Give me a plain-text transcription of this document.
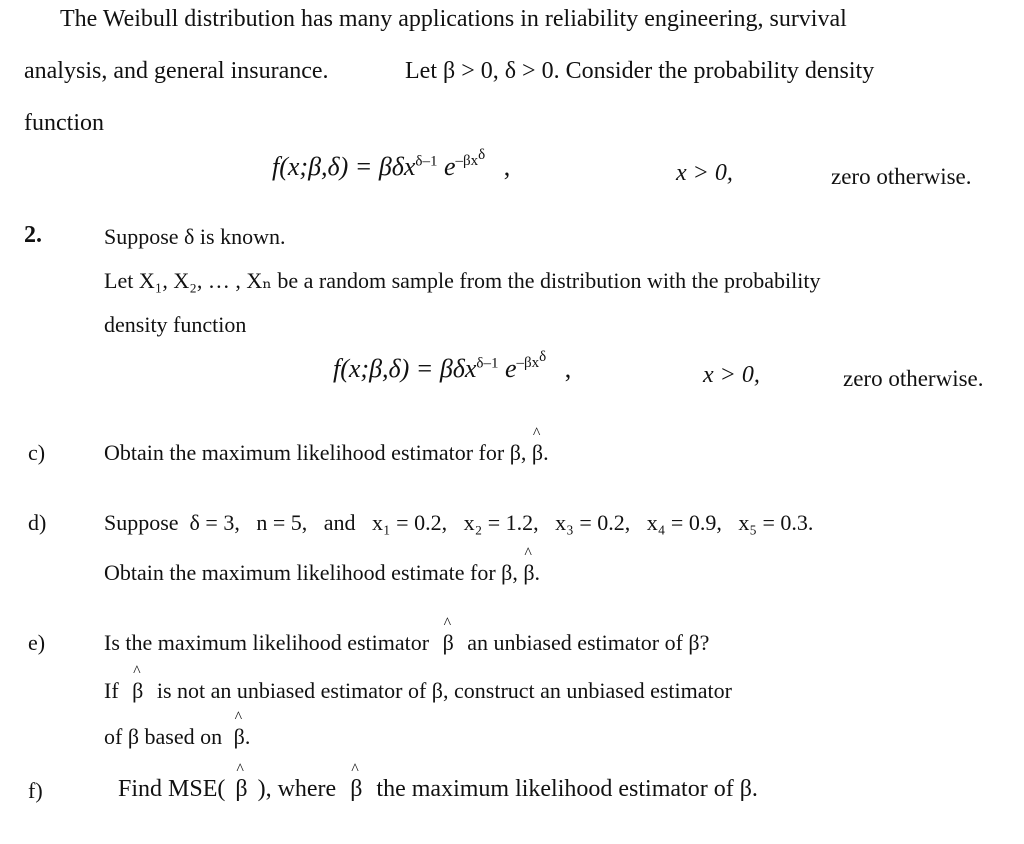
The Weibull distribution has many applications in reliability engineering, survival
analysis, and general insurance.	Let β > 0, δ > 0. Consider the probability density
function
f(x;β,δ) = βδx$^{\delta-1}$ $e^{-\beta x^\delta}$ ,	x > 0,	zero otherwise.
2.	Suppose δ is known.
Let X₁, X₂, … , Xₙ be a random sample from the distribution with the probability
density function
f(x;β,δ) = βδx$^{\delta-1}$ $e^{-\beta x^\delta}$ ,	x > 0,	zero otherwise.
c)	Obtain the maximum likelihood estimator for β, ^ β.
d)	Suppose  δ = 3,   n = 5,   and   x₁ = 0.2,   x₂ = 1.2,   x₃ = 0.2,   x₄ = 0.9,   x₅ = 0.3.
Obtain the maximum likelihood estimate for β, ^ β.
e)	Is the maximum likelihood estimator ^ β an unbiased estimator of β?
If ^ β is not an unbiased estimator of β, construct an unbiased estimator
of β based on ^ β.
f)	Find MSE( ^ β ), where ^ β the maximum likelihood estimator of β.
